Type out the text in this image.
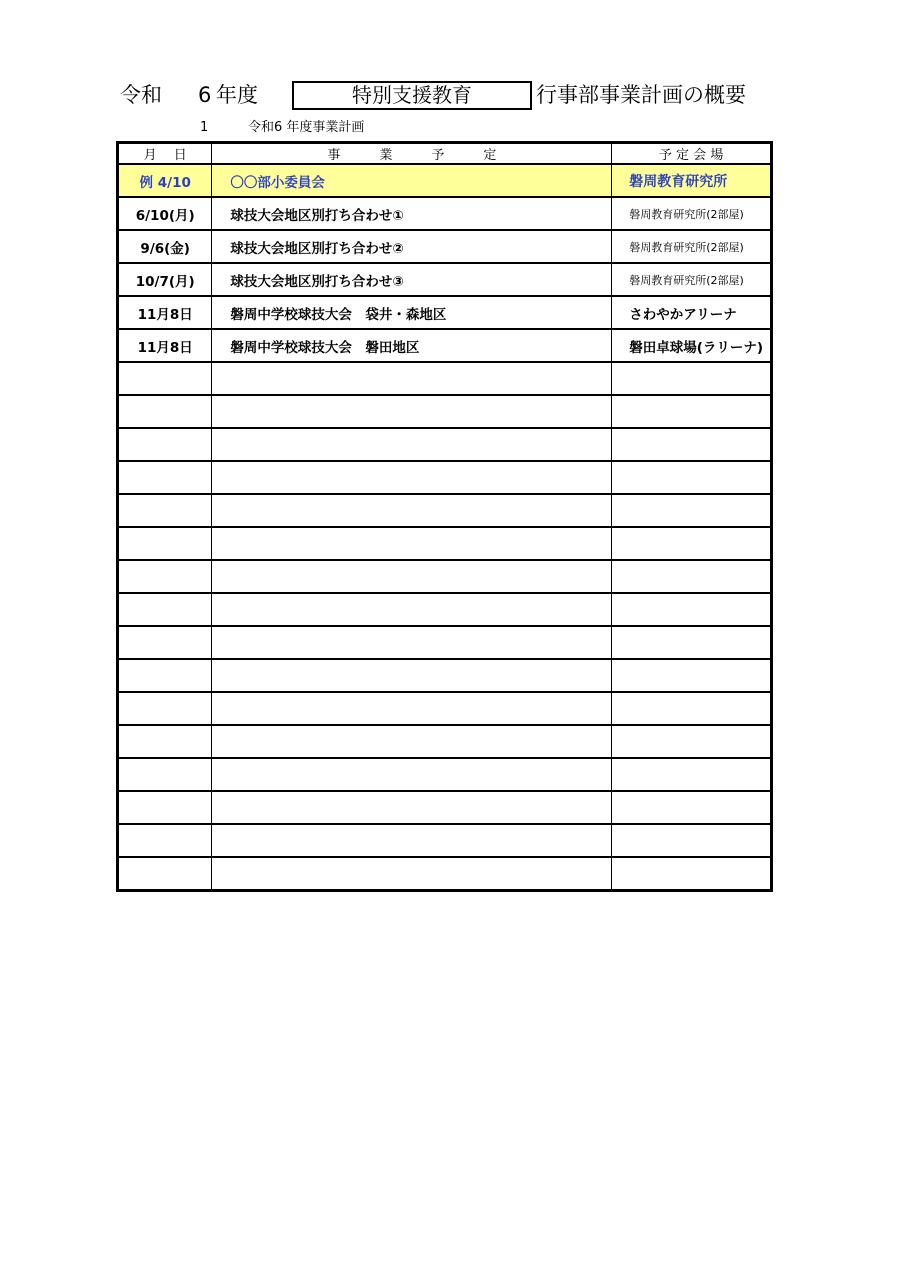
令和 6 年度	特別支援教育	行事部事業計画の概要
1	令和6 年度事業計画
月　 日	事　　　業　　　予　　　定	予 定 会 場
例 4/10	〇〇部小委員会	磐周教育研究所
6/10(月)	球技大会地区別打ち合わせ①	磐周教育研究所(2部屋)
9/6(金)	球技大会地区別打ち合わせ②	磐周教育研究所(2部屋)
10/7(月)	球技大会地区別打ち合わせ③	磐周教育研究所(2部屋)
11月8日	磐周中学校球技大会　袋井・森地区	さわやかアリーナ
11月8日	磐周中学校球技大会　磐田地区	磐田卓球場(ラリーナ)
